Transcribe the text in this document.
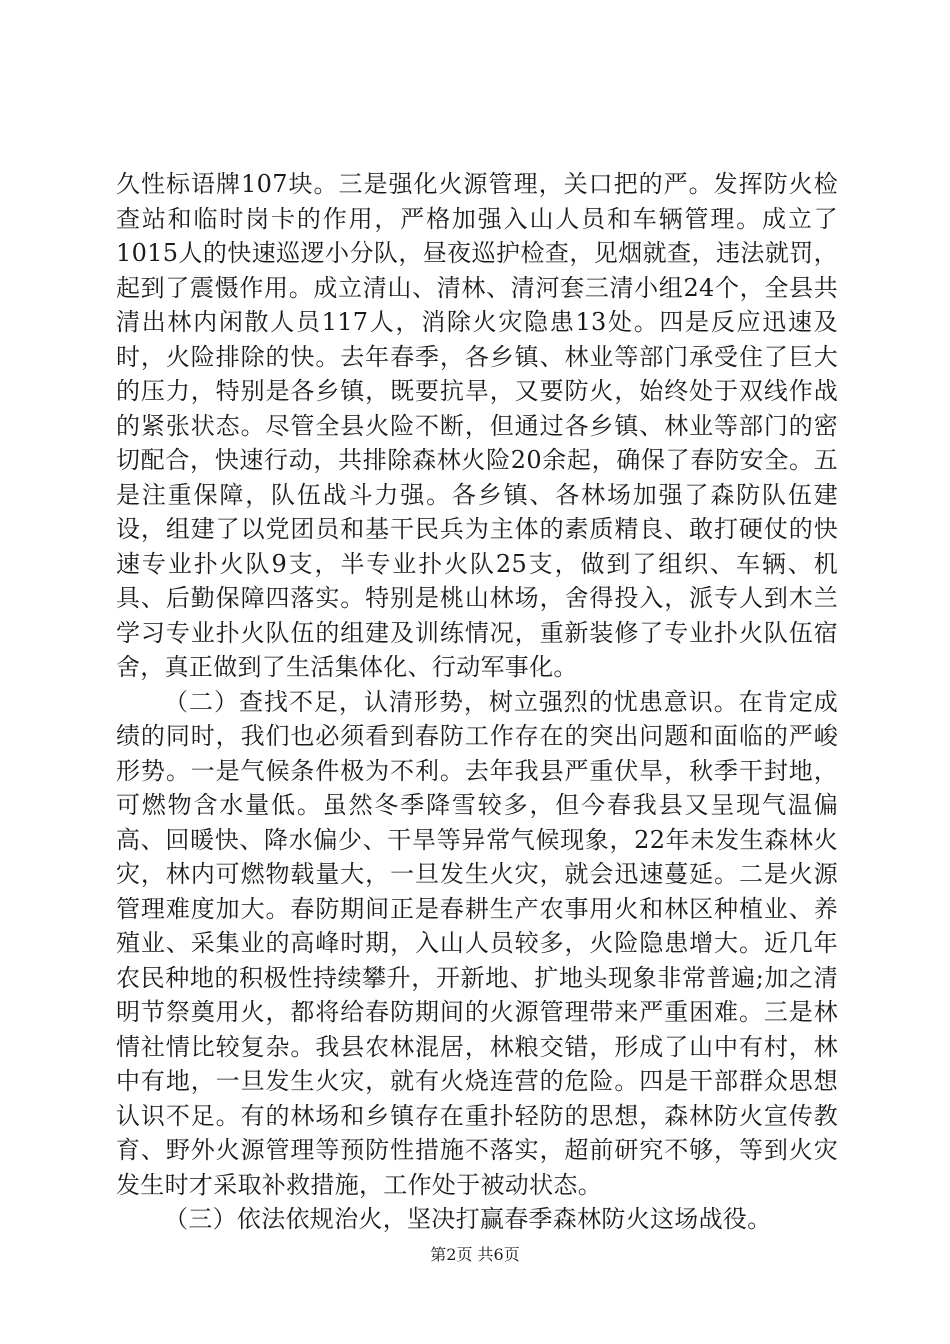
久性标语牌107块。三是强化火源管理，关口把的严。发挥防火检查站和临时岗卡的作用，严格加强入山人员和车辆管理。成立了1015人的快速巡逻小分队，昼夜巡护检查，见烟就查，违法就罚，起到了震慑作用。成立清山、清林、清河套三清小组24个，全县共清出林内闲散人员117人，消除火灾隐患13处。四是反应迅速及时，火险排除的快。去年春季，各乡镇、林业等部门承受住了巨大的压力，特别是各乡镇，既要抗旱，又要防火，始终处于双线作战的紧张状态。尽管全县火险不断，但通过各乡镇、林业等部门的密切配合，快速行动，共排除森林火险20余起，确保了春防安全。五是注重保障，队伍战斗力强。各乡镇、各林场加强了森防队伍建设，组建了以党团员和基干民兵为主体的素质精良、敢打硬仗的快速专业扑火队9支，半专业扑火队25支，做到了组织、车辆、机具、后勤保障四落实。特别是桃山林场，舍得投入，派专人到木兰学习专业扑火队伍的组建及训练情况，重新装修了专业扑火队伍宿舍，真正做到了生活集体化、行动军事化。

（二）查找不足，认清形势，树立强烈的忧患意识。在肯定成绩的同时，我们也必须看到春防工作存在的突出问题和面临的严峻形势。一是气候条件极为不利。去年我县严重伏旱，秋季干封地，可燃物含水量低。虽然冬季降雪较多，但今春我县又呈现气温偏高、回暖快、降水偏少、干旱等异常气候现象，22年未发生森林火灾，林内可燃物载量大，一旦发生火灾，就会迅速蔓延。二是火源管理难度加大。春防期间正是春耕生产农事用火和林区种植业、养殖业、采集业的高峰时期，入山人员较多，火险隐患增大。近几年农民种地的积极性持续攀升，开新地、扩地头现象非常普遍;加之清明节祭奠用火，都将给春防期间的火源管理带来严重困难。三是林情社情比较复杂。我县农林混居，林粮交错，形成了山中有村，林中有地，一旦发生火灾，就有火烧连营的危险。四是干部群众思想认识不足。有的林场和乡镇存在重扑轻防的思想，森林防火宣传教育、野外火源管理等预防性措施不落实，超前研究不够，等到火灾发生时才采取补救措施，工作处于被动状态。

（三）依法依规治火，坚决打赢春季森林防火这场战役。

第2页 共6页
